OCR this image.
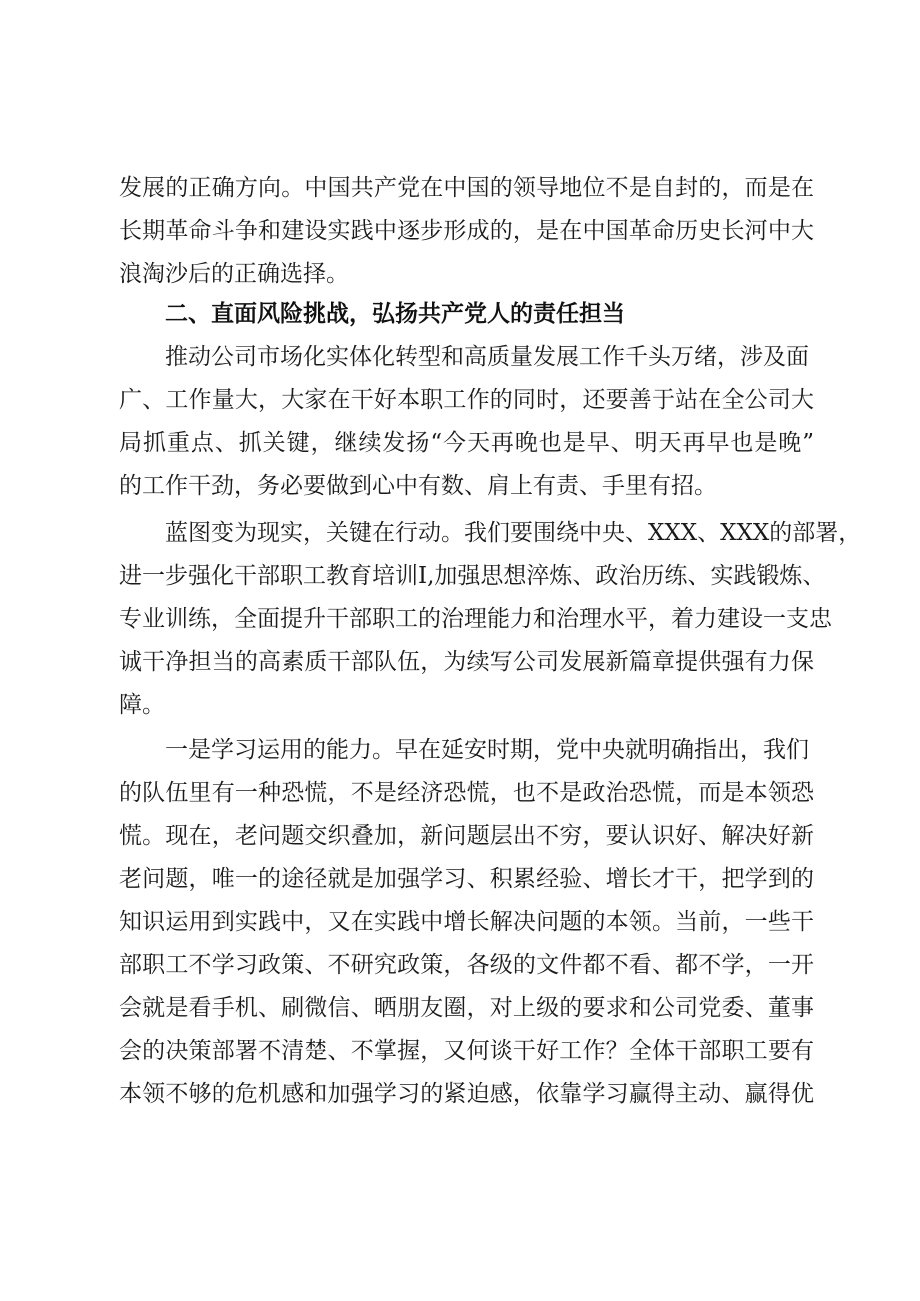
发展的正确方向。中国共产党在中国的领导地位不是自封的，而是在
长期革命斗争和建设实践中逐步形成的，是在中国革命历史长河中大
浪淘沙后的正确选择。
二、直面风险挑战，弘扬共产党人的责任担当
推动公司市场化实体化转型和高质量发展工作千头万绪，涉及面
广、工作量大，大家在干好本职工作的同时，还要善于站在全公司大
局抓重点、抓关键，继续发扬“今天再晚也是早、明天再早也是晚”
的工作干劲，务必要做到心中有数、肩上有责、手里有招。
蓝图变为现实，关键在行动。我们要围绕中央、XXX、XXX的部署，
进一步强化干部职工教育培训I,加强思想淬炼、政治历练、实践锻炼、
专业训练，全面提升干部职工的治理能力和治理水平，着力建设一支忠
诚干净担当的高素质干部队伍，为续写公司发展新篇章提供强有力保
障。
一是学习运用的能力。早在延安时期，党中央就明确指出，我们
的队伍里有一种恐慌，不是经济恐慌，也不是政治恐慌，而是本领恐
慌。现在，老问题交织叠加，新问题层出不穷，要认识好、解决好新
老问题，唯一的途径就是加强学习、积累经验、增长才干，把学到的
知识运用到实践中，又在实践中增长解决问题的本领。当前，一些干
部职工不学习政策、不研究政策，各级的文件都不看、都不学，一开
会就是看手机、刷微信、晒朋友圈，对上级的要求和公司党委、董事
会的决策部署不清楚、不掌握，又何谈干好工作？全体干部职工要有
本领不够的危机感和加强学习的紧迫感，依靠学习赢得主动、赢得优
